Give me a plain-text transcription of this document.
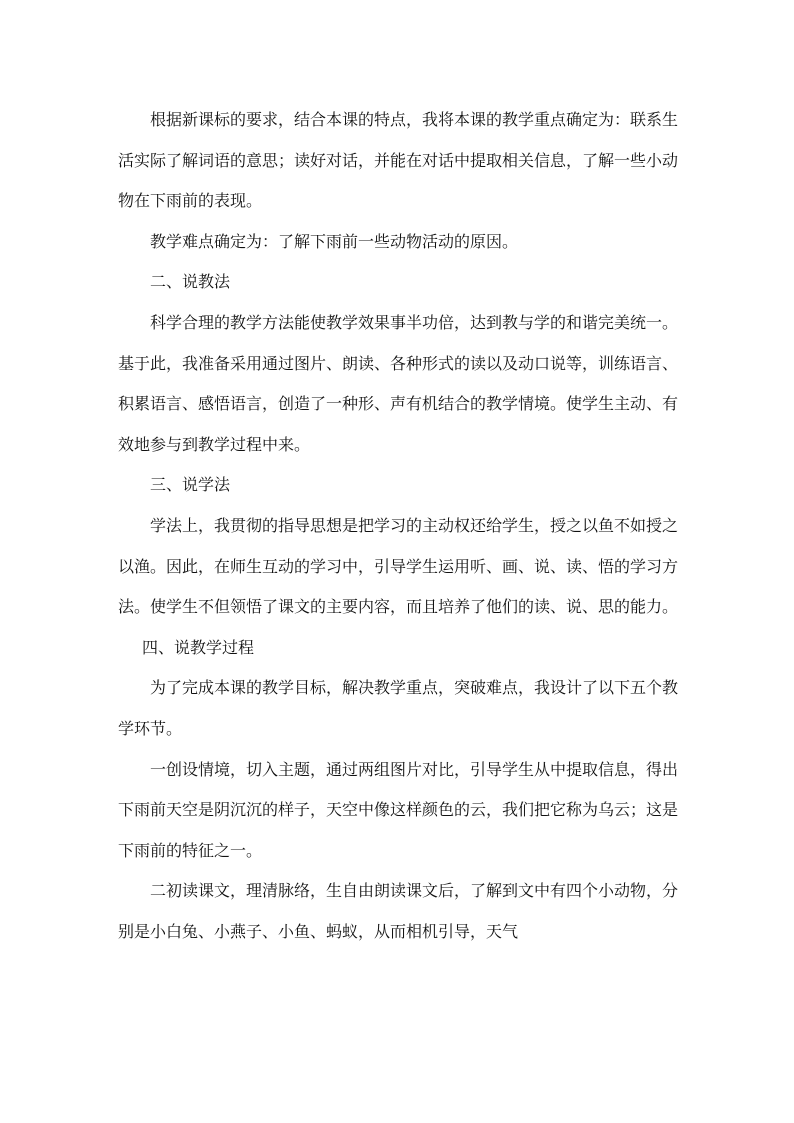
根据新课标的要求，结合本课的特点，我将本课的教学重点确定为：联系生活实际了解词语的意思；读好对话，并能在对话中提取相关信息，了解一些小动物在下雨前的表现。

教学难点确定为：了解下雨前一些动物活动的原因。

二、说教法

科学合理的教学方法能使教学效果事半功倍，达到教与学的和谐完美统一。基于此，我准备采用通过图片、朗读、各种形式的读以及动口说等，训练语言、积累语言、感悟语言，创造了一种形、声有机结合的教学情境。使学生主动、有效地参与到教学过程中来。

三、说学法

学法上，我贯彻的指导思想是把学习的主动权还给学生，授之以鱼不如授之以渔。因此，在师生互动的学习中，引导学生运用听、画、说、读、悟的学习方法。使学生不但领悟了课文的主要内容，而且培养了他们的读、说、思的能力。

四、说教学过程

为了完成本课的教学目标，解决教学重点，突破难点，我设计了以下五个教学环节。

一创设情境，切入主题，通过两组图片对比，引导学生从中提取信息，得出下雨前天空是阴沉沉的样子，天空中像这样颜色的云，我们把它称为乌云；这是下雨前的特征之一。

二初读课文，理清脉络，生自由朗读课文后，了解到文中有四个小动物，分别是小白兔、小燕子、小鱼、蚂蚁，从而相机引导，天气
